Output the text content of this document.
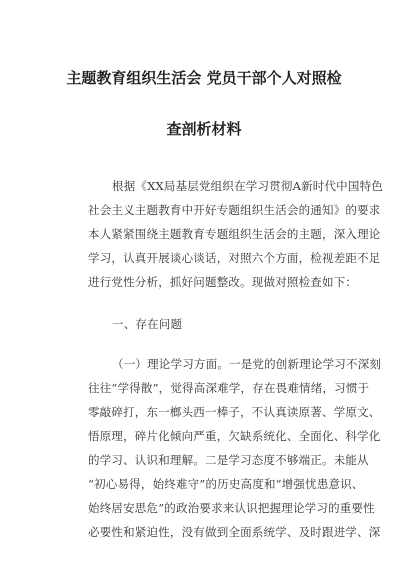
主题教育组织生活会 党员干部个人对照检
查剖析材料
根据《XX局基层党组织在学习贯彻A新时代中国特色
社会主义主题教育中开好专题组织生活会的通知》的要求
本人紧紧围绕主题教育专题组织生活会的主题，深入理论
学习，认真开展谈心谈话，对照六个方面，检视差距不足
进行党性分析，抓好问题整改。现做对照检查如下：
一、存在问题
（一）理论学习方面。一是党的创新理论学习不深刻
往往“学得散”，觉得高深难学，存在畏难情绪，习惯于
零敲碎打，东一榔头西一棒子，不认真读原著、学原文、
悟原理，碎片化倾向严重，欠缺系统化、全面化、科学化
的学习、认识和理解。二是学习态度不够端正。未能从
“初心易得，始终难守”的历史高度和“增强忧患意识、
始终居安思危”的政治要求来认识把握理论学习的重要性
必要性和紧迫性，没有做到全面系统学、及时跟进学、深
